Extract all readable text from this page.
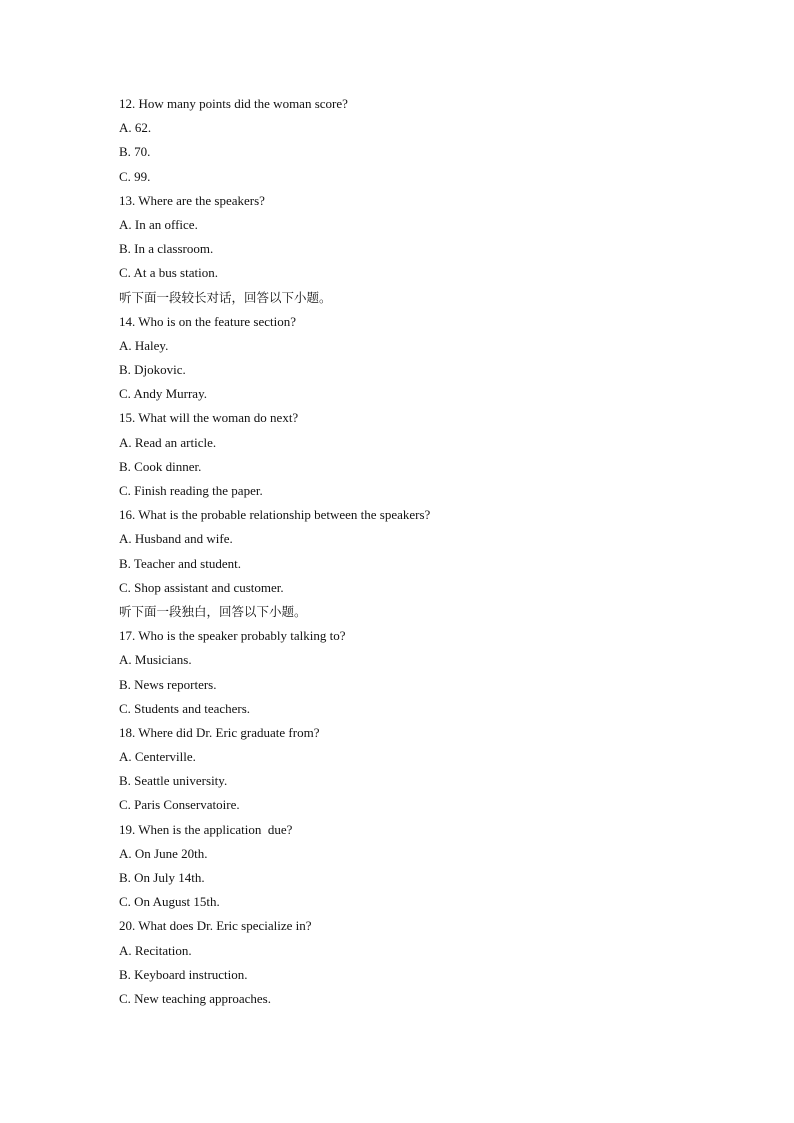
12. How many points did the woman score?
A. 62.
B. 70.
C. 99.
13. Where are the speakers?
A. In an office.
B. In a classroom.
C. At a bus station.
听下面一段较长对话，回答以下小题。
14. Who is on the feature section?
A. Haley.
B. Djokovic.
C. Andy Murray.
15. What will the woman do next?
A. Read an article.
B. Cook dinner.
C. Finish reading the paper.
16. What is the probable relationship between the speakers?
A. Husband and wife.
B. Teacher and student.
C. Shop assistant and customer.
听下面一段独白，回答以下小题。
17. Who is the speaker probably talking to?
A. Musicians.
B. News reporters.
C. Students and teachers.
18. Where did Dr. Eric graduate from?
A. Centerville.
B. Seattle university.
C. Paris Conservatoire.
19. When is the application  due?
A. On June 20th.
B. On July 14th.
C. On August 15th.
20. What does Dr. Eric specialize in?
A. Recitation.
B. Keyboard instruction.
C. New teaching approaches.
